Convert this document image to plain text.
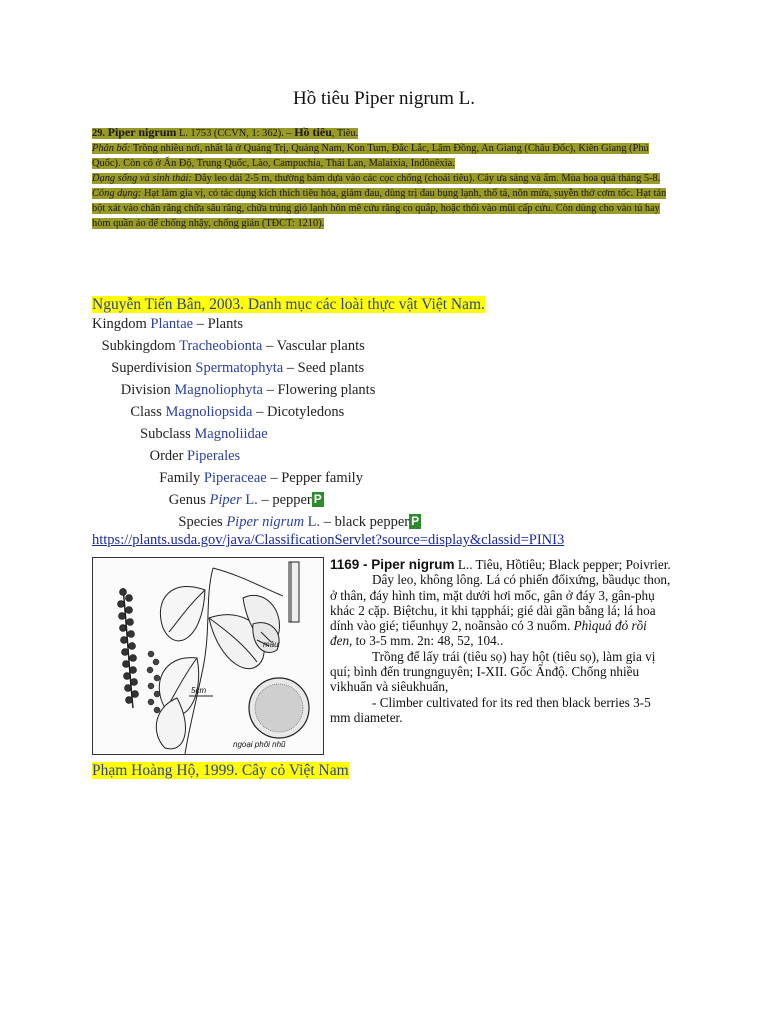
Hồ tiêu Piper nigrum L.
29. Piper nigrum L. 1753 (CCVN, 1: 362). – Hồ tiêu, Tiêu.
Phân bố: Trồng nhiều nơi, nhất là ở Quảng Trị, Quảng Nam, Kon Tum, Đắc Lắc, Lâm Đồng, An Giang (Châu Đốc), Kiên Giang (Phú Quốc). Còn có ở Ấn Độ, Trung Quốc, Lào, Campuchia, Thái Lan, Malaixia, Inđônêxia.
Dạng sống và sinh thái: Dây leo dài 2-5 m, thường bám dựa vào các cọc chống (choái tiêu). Cây ưa sáng và ẩm. Mùa hoa quả tháng 5-8.
Công dụng: Hạt làm gia vị, có tác dụng kích thích tiêu hóa, giảm đau, dùng trị đau bụng lạnh, thổ tả, nôn mửa, suyễn thở cơm tốc. Hạt tán bột xát vào chân răng chữa sâu răng, chữa trúng gió lạnh hôn mê cứu răng co quắp, hoặc thổi vào mũi cấp cứu. Còn dùng cho vào tủ hay hòm quần áo để chống nhậy, chống gián (TĐCT: 1210).
Nguyễn Tiến Bân, 2003. Danh mục các loài thực vật Việt Nam.
Kingdom Plantae – Plants
Subkingdom Tracheobionta – Vascular plants
Superdivision Spermatophyta – Seed plants
Division Magnoliophyta – Flowering plants
Class Magnoliopsida – Dicotyledons
Subclass Magnoliidae
Order Piperales
Family Piperaceae – Pepper family
Genus Piper L. – pepper P
Species Piper nigrum L. – black pepper P
https://plants.usda.gov/java/ClassificationServlet?source=display&classid=PINI3
5cm
mâu
ngoại phôi nhũ
1169 - Piper nigrum L.. Tiêu, Hồtiêu; Black pepper; Poivrier.
Dây leo, không lông. Lá có phiến đốixứng, bầudục thon, ở thân, đáy hình tim, mặt dưới hơi mốc, gân ở đáy 3, gân-phụ khác 2 cặp. Biệtchu, it khi tạpphái; gié dài gần bằng lá; lá hoa dính vào gié; tiểunhụy 2, noãnsào có 3 nuốm. Phìquả đỏ rồi đen, to 3-5 mm. 2n: 48, 52, 104..
Trồng để lấy trái (tiêu sọ) hay hột (tiêu sọ), làm gia vị quí; bình đến trungnguyên; I-XII. Gốc Ấnđộ. Chống nhiều vikhuẩn và siêukhuẩn,
- Climber cultivated for its red then black berries 3-5 mm diameter.
Phạm Hoàng Hộ, 1999. Cây cỏ Việt Nam
